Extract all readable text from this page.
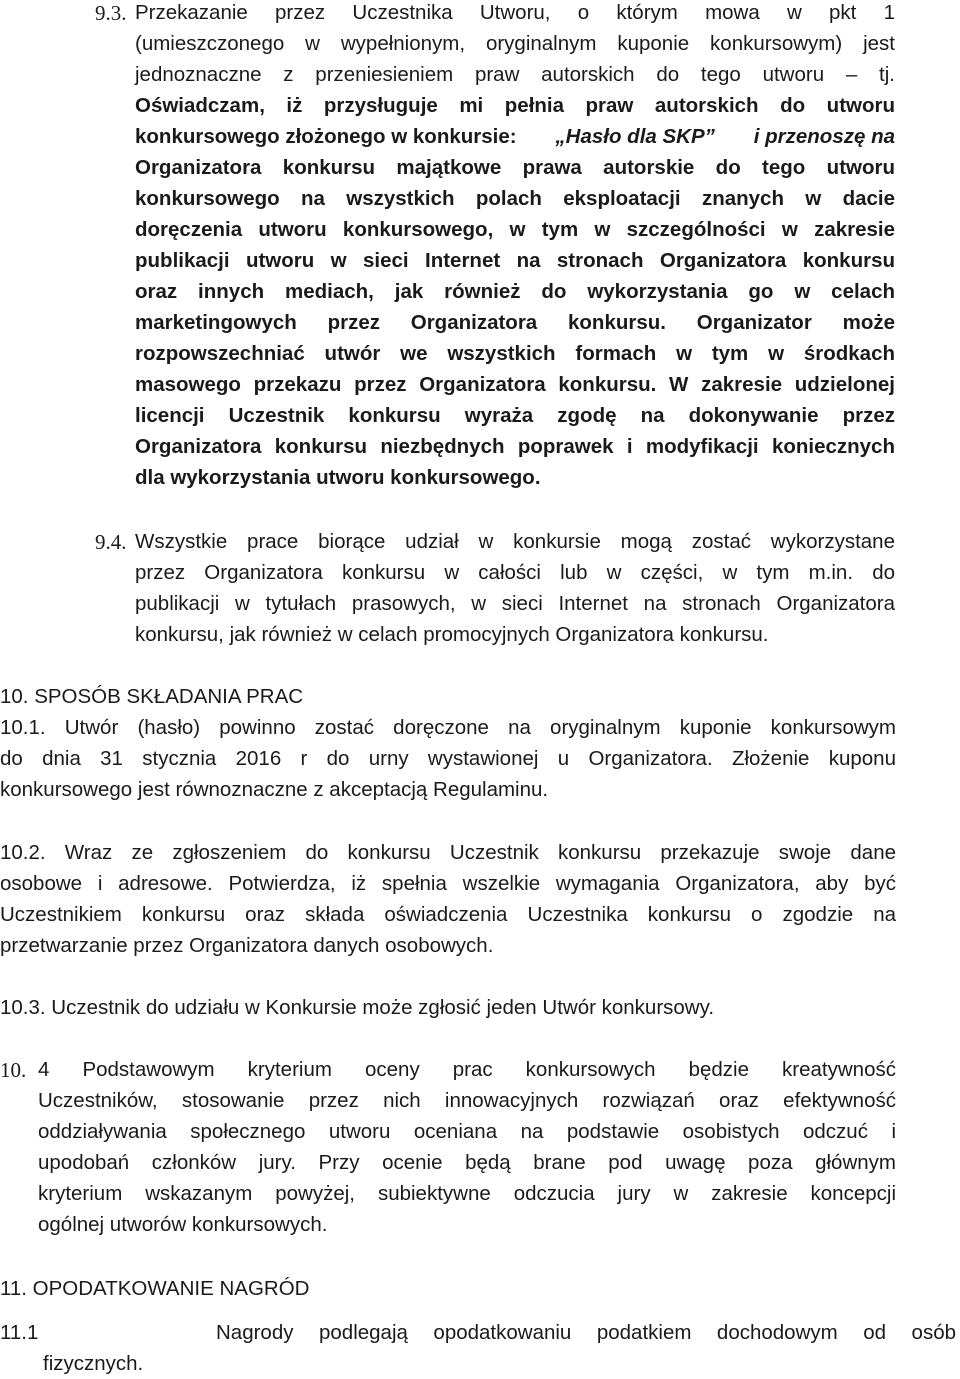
9.3. Przekazanie przez Uczestnika Utworu, o którym mowa w pkt 1
(umieszczonego w wypełnionym, oryginalnym kuponie konkursowym) jest
jednoznaczne z przeniesieniem praw autorskich do tego utworu – tj.
Oświadczam, iż przysługuje mi pełnia praw autorskich do utworu
konkursowego złożonego w konkursie: „Hasło dla SKP” i przenoszę na
Organizatora konkursu majątkowe prawa autorskie do tego utworu
konkursowego na wszystkich polach eksploatacji znanych w dacie
doręczenia utworu konkursowego, w tym w szczególności w zakresie
publikacji utworu w sieci Internet na stronach Organizatora konkursu
oraz innych mediach, jak również do wykorzystania go w celach
marketingowych przez Organizatora konkursu. Organizator może
rozpowszechniać utwór we wszystkich formach w tym w środkach
masowego przekazu przez Organizatora konkursu. W zakresie udzielonej
licencji Uczestnik konkursu wyraża zgodę na dokonywanie przez
Organizatora konkursu niezbędnych poprawek i modyfikacji koniecznych
dla wykorzystania utworu konkursowego.
9.4. Wszystkie prace biorące udział w konkursie mogą zostać wykorzystane
przez Organizatora konkursu w całości lub w części, w tym m.in. do
publikacji w tytułach prasowych, w sieci Internet na stronach Organizatora
konkursu, jak również w celach promocyjnych Organizatora konkursu.
10. SPOSÓB SKŁADANIA PRAC
10.1. Utwór (hasło) powinno zostać doręczone na oryginalnym kuponie konkursowym
do dnia 31 stycznia 2016 r do urny wystawionej u Organizatora. Złożenie kuponu
konkursowego jest równoznaczne z akceptacją Regulaminu.
10.2. Wraz ze zgłoszeniem do konkursu Uczestnik konkursu przekazuje swoje dane
osobowe i adresowe. Potwierdza, iż spełnia wszelkie wymagania Organizatora, aby być
Uczestnikiem konkursu oraz składa oświadczenia Uczestnika konkursu o zgodzie na
przetwarzanie przez Organizatora danych osobowych.
10.3. Uczestnik do udziału w Konkursie może zgłosić jeden Utwór konkursowy.
10. 4 Podstawowym kryterium oceny prac konkursowych będzie kreatywność
Uczestników, stosowanie przez nich innowacyjnych rozwiązań oraz efektywność
oddziaływania społecznego utworu oceniana na podstawie osobistych odczuć i
upodobań członków jury. Przy ocenie będą brane pod uwagę poza głównym
kryterium wskazanym powyżej, subiektywne odczucia jury w zakresie koncepcji
ogólnej utworów konkursowych.
11. OPODATKOWANIE NAGRÓD
11.1	Nagrody podlegają opodatkowaniu podatkiem dochodowym od osób
fizycznych.
